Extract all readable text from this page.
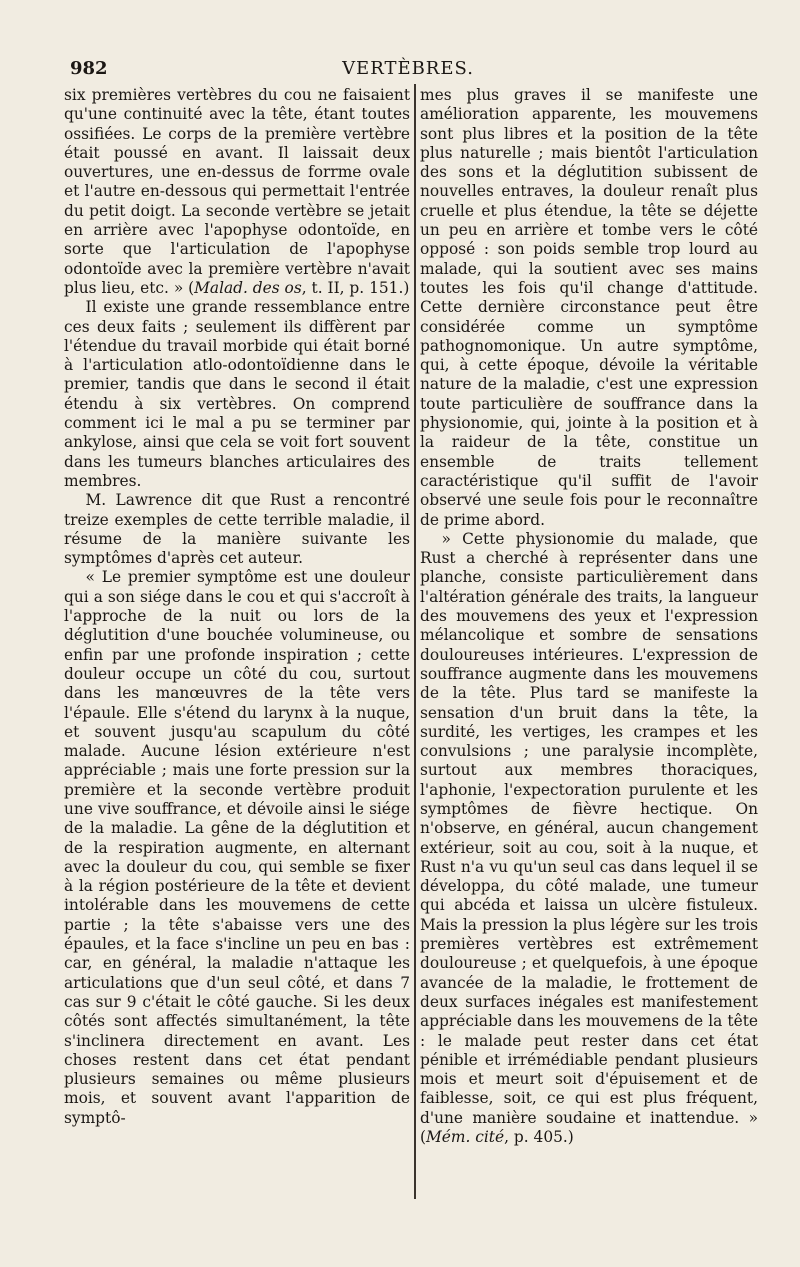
982	VERTÈBRES.

six premières vertèbres du cou ne faisaient qu'une continuité avec la tête, étant toutes ossifiées. Le corps de la première vertèbre était poussé en avant. Il laissait deux ouvertures, une en-dessus de forrme ovale et l'autre en-dessous qui permettait l'entrée du petit doigt. La seconde vertèbre se jetait en arrière avec l'apophyse odontoïde, en sorte que l'articulation de l'apophyse odontoïde avec la première vertèbre n'avait plus lieu, etc. » (Malad. des os, t. II, p. 151.)

Il existe une grande ressemblance entre ces deux faits ; seulement ils diffèrent par l'étendue du travail morbide qui était borné à l'articulation atlo-odontoïdienne dans le premier, tandis que dans le second il était étendu à six vertèbres. On comprend comment ici le mal a pu se terminer par ankylose, ainsi que cela se voit fort souvent dans les tumeurs blanches articulaires des membres.

M. Lawrence dit que Rust a rencontré treize exemples de cette terrible maladie, il résume de la manière suivante les symptômes d'après cet auteur.

« Le premier symptôme est une douleur qui a son siége dans le cou et qui s'accroît à l'approche de la nuit ou lors de la déglutition d'une bouchée volumineuse, ou enfin par une profonde inspiration ; cette douleur occupe un côté du cou, surtout dans les manœuvres de la tête vers l'épaule. Elle s'étend du larynx à la nuque, et souvent jusqu'au scapulum du côté malade. Aucune lésion extérieure n'est appréciable ; mais une forte pression sur la première et la seconde vertèbre produit une vive souffrance, et dévoile ainsi le siége de la maladie. La gêne de la déglutition et de la respiration augmente, en alternant avec la douleur du cou, qui semble se fixer à la région postérieure de la tête et devient intolérable dans les mouvemens de cette partie ; la tête s'abaisse vers une des épaules, et la face s'incline un peu en bas : car, en général, la maladie n'attaque les articulations que d'un seul côté, et dans 7 cas sur 9 c'était le côté gauche. Si les deux côtés sont affectés simultanément, la tête s'inclinera directement en avant. Les choses restent dans cet état pendant plusieurs semaines ou même plusieurs mois, et souvent avant l'apparition de symptô-

mes plus graves il se manifeste une amélioration apparente, les mouvemens sont plus libres et la position de la tête plus naturelle ; mais bientôt l'articulation des sons et la déglutition subissent de nouvelles entraves, la douleur renaît plus cruelle et plus étendue, la tête se déjette un peu en arrière et tombe vers le côté opposé : son poids semble trop lourd au malade, qui la soutient avec ses mains toutes les fois qu'il change d'attitude. Cette dernière circonstance peut être considérée comme un symptôme pathognomonique. Un autre symptôme, qui, à cette époque, dévoile la véritable nature de la maladie, c'est une expression toute particulière de souffrance dans la physionomie, qui, jointe à la position et à la raideur de la tête, constitue un ensemble de traits tellement caractéristique qu'il suffit de l'avoir observé une seule fois pour le reconnaître de prime abord.

» Cette physionomie du malade, que Rust a cherché à représenter dans une planche, consiste particulièrement dans l'altération générale des traits, la langueur des mouvemens des yeux et l'expression mélancolique et sombre de sensations douloureuses intérieures. L'expression de souffrance augmente dans les mouvemens de la tête. Plus tard se manifeste la sensation d'un bruit dans la tête, la surdité, les vertiges, les crampes et les convulsions ; une paralysie incomplète, surtout aux membres thoraciques, l'aphonie, l'expectoration purulente et les symptômes de fièvre hectique. On n'observe, en général, aucun changement extérieur, soit au cou, soit à la nuque, et Rust n'a vu qu'un seul cas dans lequel il se développa, du côté malade, une tumeur qui abcéda et laissa un ulcère fistuleux. Mais la pression la plus légère sur les trois premières vertèbres est extrêmement douloureuse ; et quelquefois, à une époque avancée de la maladie, le frottement de deux surfaces inégales est manifestement appréciable dans les mouvemens de la tête : le malade peut rester dans cet état pénible et irrémédiable pendant plusieurs mois et meurt soit d'épuisement et de faiblesse, soit, ce qui est plus fréquent, d'une manière soudaine et inattendue. » (Mém. cité, p. 405.)
